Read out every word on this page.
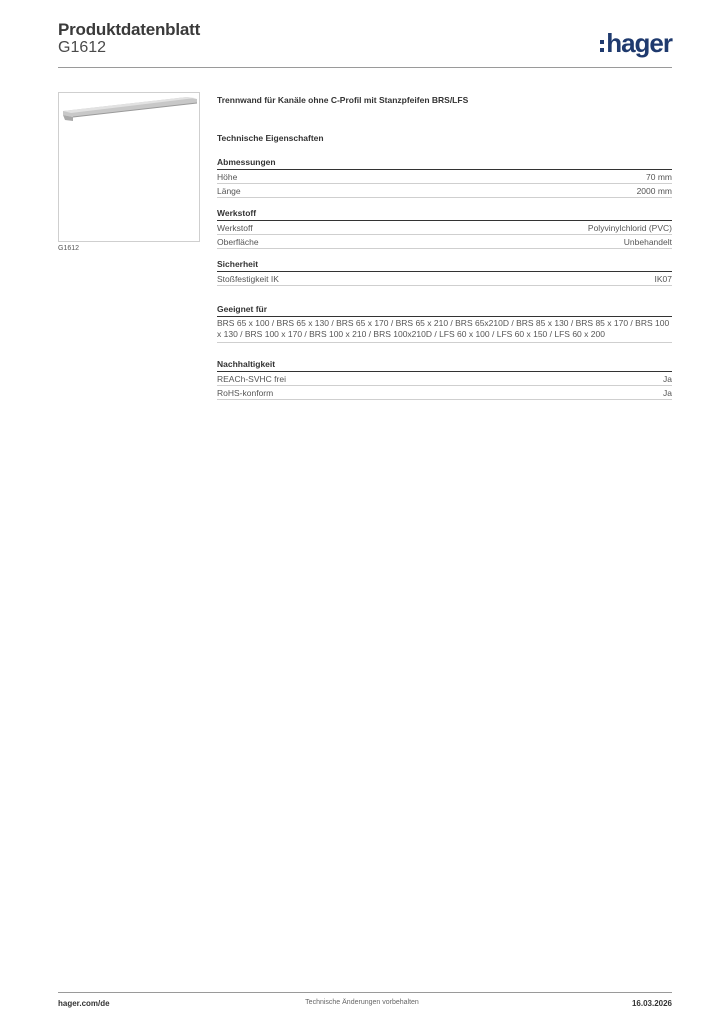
Produktdatenblatt
G1612	hager
G1612
Trennwand für Kanäle ohne C-Profil mit Stanzpfeifen BRS/LFS
Technische Eigenschaften
Abmessungen
Höhe	70 mm
Länge	2000 mm
Werkstoff
Werkstoff	Polyvinylchlorid (PVC)
Oberfläche	Unbehandelt
Sicherheit
Stoßfestigkeit IK	IK07
Geeignet für
BRS 65 x 100 / BRS 65 x 130 / BRS 65 x 170 / BRS 65 x 210 / BRS 65x210D / BRS 85 x 130 / BRS 85 x 170 / BRS 100 x 130 / BRS 100 x 170 / BRS 100 x 210 / BRS 100x210D / LFS 60 x 100 / LFS 60 x 150 / LFS 60 x 200
Nachhaltigkeit
REACh-SVHC frei	Ja
RoHS-konform	Ja
hager.com/de	Technische Änderungen vorbehalten	16.03.2026
